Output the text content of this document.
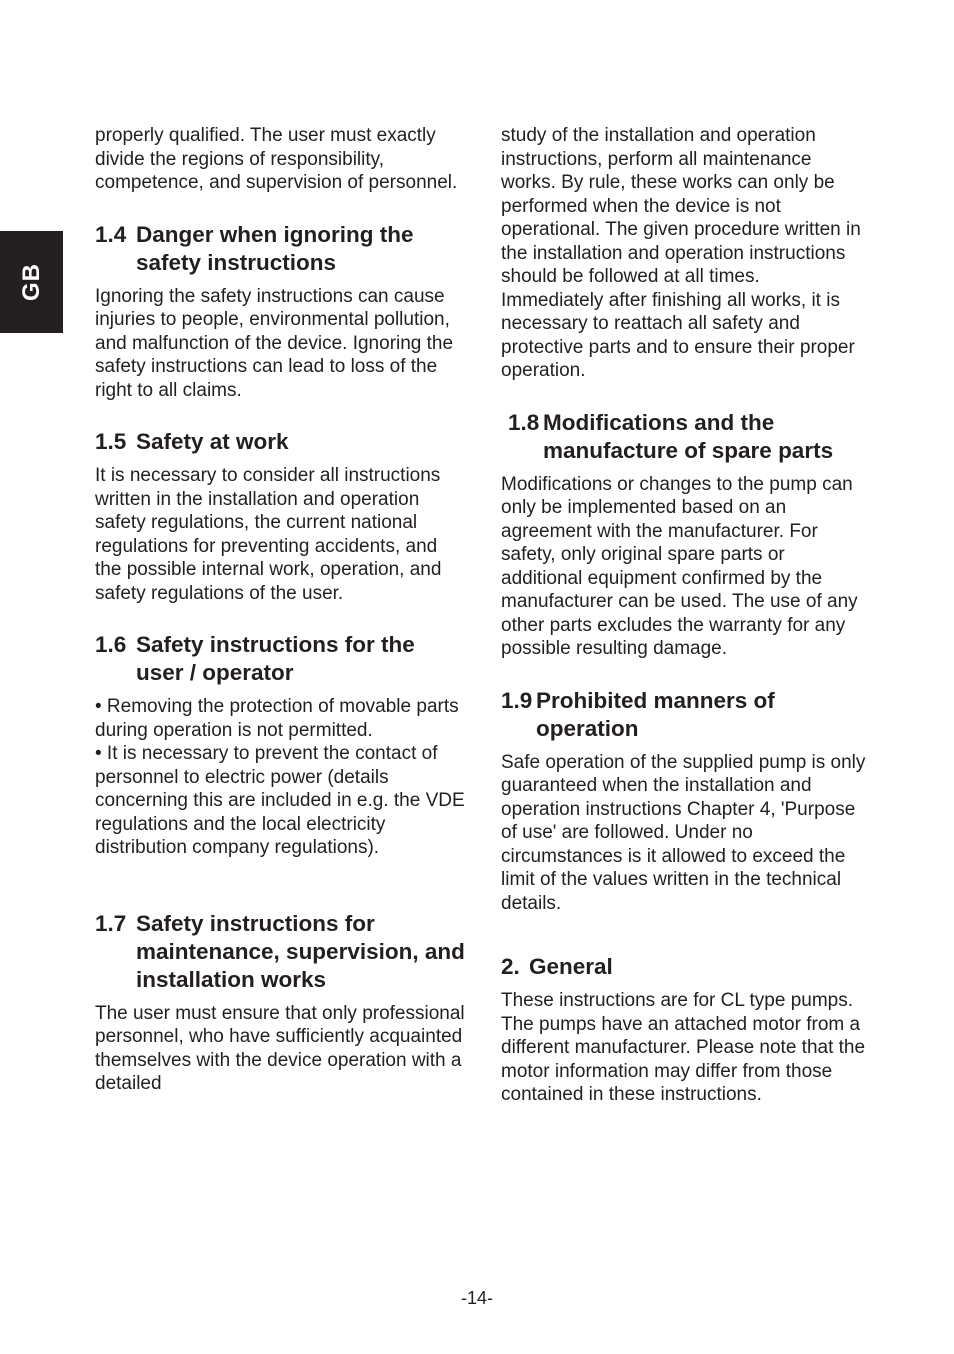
GB

properly qualified. The user must exactly divide the regions of responsibility, competence, and supervision of personnel.

1.4 Danger when ignoring the safety instructions

Ignoring the safety instructions can cause injuries to people, environmental pollution, and malfunction of the device. Ignoring the safety instructions can lead to loss of the right to all claims.

1.5 Safety at work

It is necessary to consider all instructions written in the installation and operation safety regulations, the current national regulations for preventing accidents, and the possible internal work, operation, and safety regulations of the user.

1.6 Safety instructions for the user / operator

• Removing the protection of movable parts during operation is not permitted.

• It is necessary to prevent the contact of personnel to electric power (details concerning this are included in e.g. the VDE regulations and the local electricity distribution company regulations).

1.7 Safety instructions for maintenance, supervision, and installation works

The user must ensure that only professional personnel, who have sufficiently acquainted themselves with the device operation with a detailed

study of the installation and operation instructions, perform all maintenance works. By rule, these works can only be performed when the device is not operational. The given procedure written in the installation and operation instructions should be followed at all times. Immediately after finishing all works, it is necessary to reattach all safety and protective parts and to ensure their proper operation.

1.8 Modifications and the manufacture of spare parts

Modifications or changes to the pump can only be implemented based on an agreement with the manufacturer. For safety, only original spare parts or additional equipment confirmed by the manufacturer can be used. The use of any other parts excludes the warranty for any possible resulting damage.

1.9 Prohibited manners of operation

Safe operation of the supplied pump is only guaranteed when the installation and operation instructions Chapter 4, 'Purpose of use' are followed. Under no circumstances is it allowed to exceed the limit of the values written in the technical details.

2. General

These instructions are for CL type pumps. The pumps have an attached motor from a different manufacturer. Please note that the motor information may differ from those contained in these instructions.

-14-
